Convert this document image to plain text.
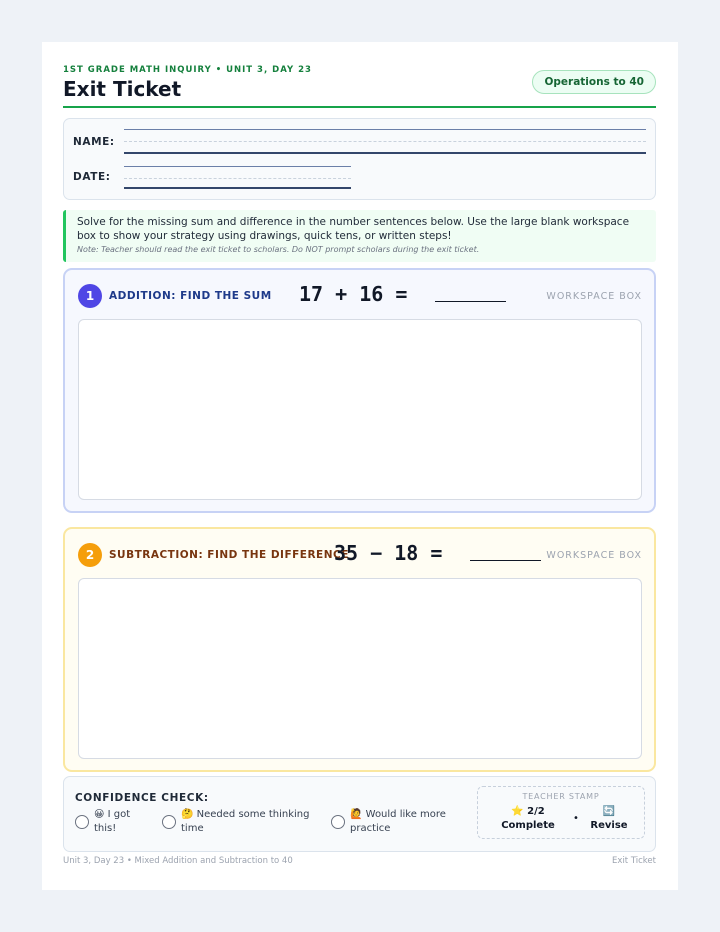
1ST GRADE MATH INQUIRY • UNIT 3, DAY 23
Exit Ticket	Operations to 40
NAME:
DATE:
Solve for the missing sum and difference in the number sentences below. Use the large blank workspace box to show your strategy using drawings, quick tens, or written steps!
Note: Teacher should read the exit ticket to scholars. Do NOT prompt scholars during the exit ticket.
1	ADDITION: FIND THE SUM 17 + 16 =	WORKSPACE BOX
2	SUBTRACTION: FIND THE DIFFERENCE
35 − 18 =	WORKSPACE BOX
CONFIDENCE CHECK:
😀 I got this!
🤔 Needed some thinking time
🙋 Would like more practice
TEACHER STAMP
⭐ 2/2
Complete
•
🔄
Revise
Unit 3, Day 23 • Mixed Addition and Subtraction to 40	Exit Ticket
